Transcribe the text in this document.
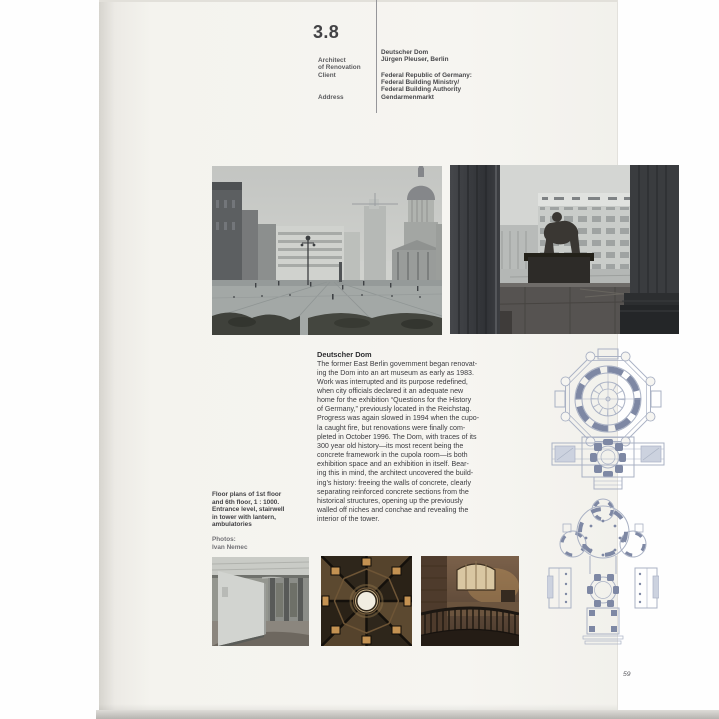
3.8
Architect
of Renovation
Client
Address
Deutscher Dom
Jürgen Pleuser, Berlin
Federal Republic of Germany:
Federal Building Ministry/
Federal Building Authority
Gendarmenmarkt
Deutscher Dom
The former East Berlin government began renovat-
ing the Dom into an art museum as early as 1983.
Work was interrupted and its purpose redefined,
when city officials declared it an adequate new
home for the exhibition “Questions for the History
of Germany,” previously located in the Reichstag.
Progress was again slowed in 1994 when the cupo-
la caught fire, but renovations were finally com-
pleted in October 1996. The Dom, with traces of its
300 year old history—its most recent being the
concrete framework in the cupola room—is both
exhibition space and an exhibition in itself. Bear-
ing this in mind, the architect uncovered the build-
ing’s history: freeing the walls of concrete, clearly
separating reinforced concrete sections from the
historical structures, opening up the previously
walled off niches and conchae and revealing the
interior of the tower.
Floor plans of 1st floor
and 6th floor, 1 : 1000.
Entrance level, stairwell
in tower with lantern,
ambulatories
Photos:
Ivan Nemec
59
